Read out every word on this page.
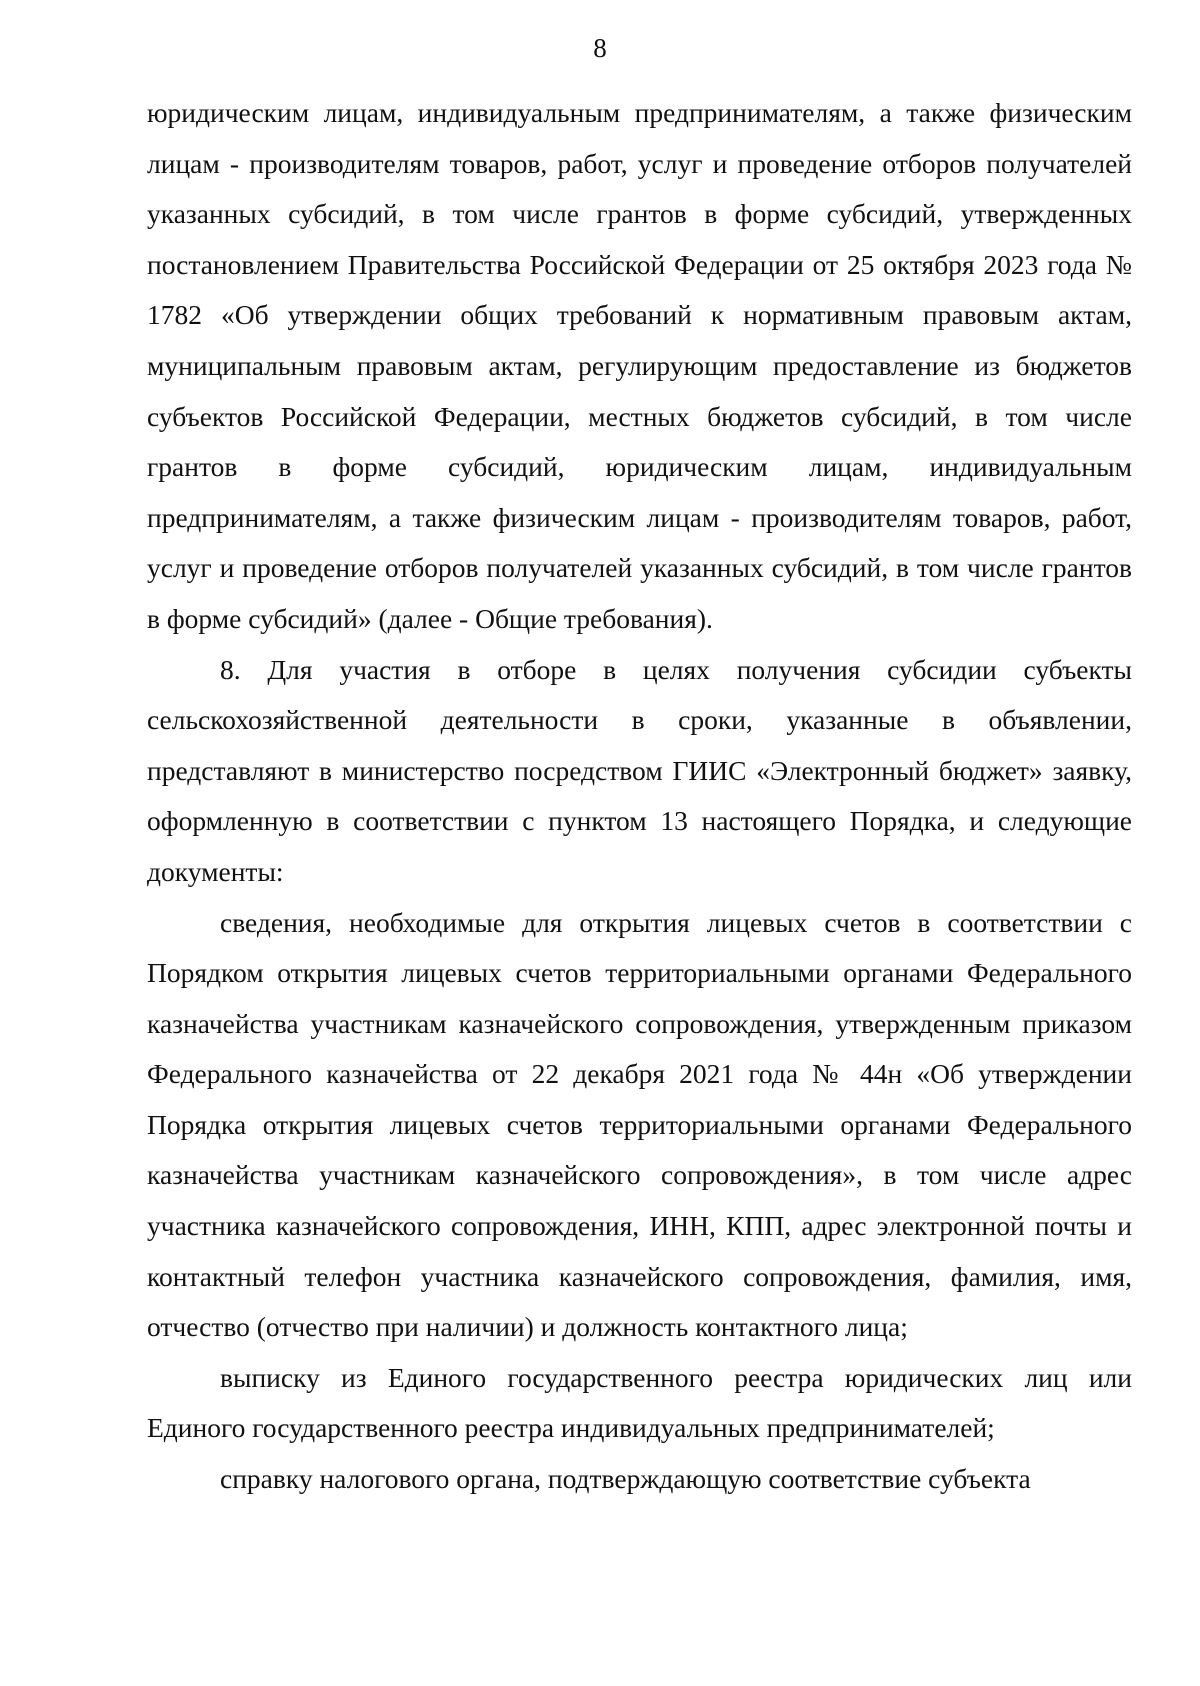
8

юридическим лицам, индивидуальным предпринимателям, а также физическим лицам - производителям товаров, работ, услуг и проведение отборов получателей указанных субсидий, в том числе грантов в форме субсидий, утвержденных постановлением Правительства Российской Федерации от 25 октября 2023 года № 1782 «Об утверждении общих требований к нормативным правовым актам, муниципальным правовым актам, регулирующим предоставление из бюджетов субъектов Российской Федерации, местных бюджетов субсидий, в том числе грантов в форме субсидий, юридическим лицам, индивидуальным предпринимателям, а также физическим лицам - производителям товаров, работ, услуг и проведение отборов получателей указанных субсидий, в том числе грантов в форме субсидий» (далее - Общие требования).

8. Для участия в отборе в целях получения субсидии субъекты сельскохозяйственной деятельности в сроки, указанные в объявлении, представляют в министерство посредством ГИИС «Электронный бюджет» заявку, оформленную в соответствии с пунктом 13 настоящего Порядка, и следующие документы:

сведения, необходимые для открытия лицевых счетов в соответствии с Порядком открытия лицевых счетов территориальными органами Федерального казначейства участникам казначейского сопровождения, утвержденным приказом Федерального казначейства от 22 декабря 2021 года № 44н «Об утверждении Порядка открытия лицевых счетов территориальными органами Федерального казначейства участникам казначейского сопровождения», в том числе адрес участника казначейского сопровождения, ИНН, КПП, адрес электронной почты и контактный телефон участника казначейского сопровождения, фамилия, имя, отчество (отчество при наличии) и должность контактного лица;

выписку из Единого государственного реестра юридических лиц или Единого государственного реестра индивидуальных предпринимателей;

справку налогового органа, подтверждающую соответствие субъекта
